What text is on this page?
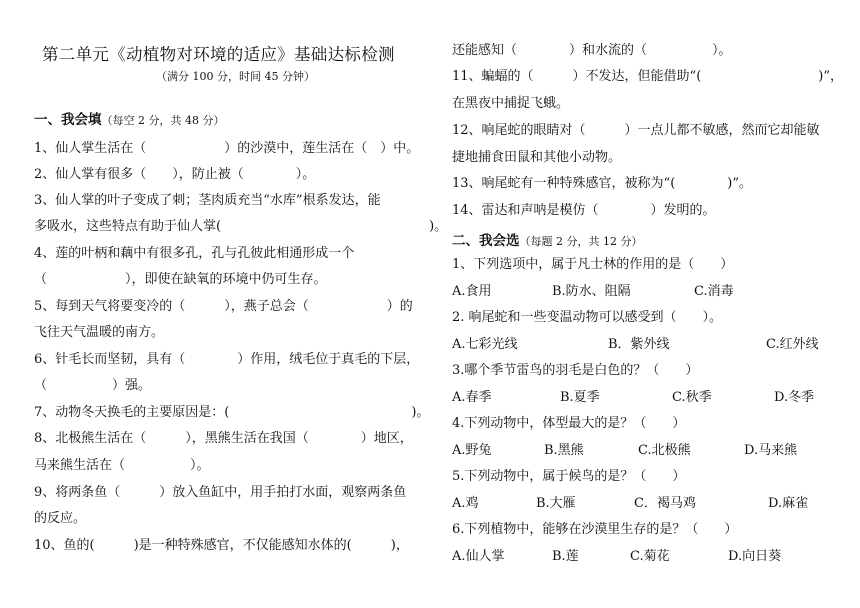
第二单元《动植物对环境的适应》基础达标检测
（满分 100 分，时间 45 分钟）
一、我会填（每空 2 分，共 48 分）
1、仙人掌生活在（　　　　　　）的沙漠中，莲生活在（　）中。
2、仙人掌有很多（　　），防止被（　　　　）。
3、仙人掌的叶子变成了刺；茎肉质充当“水库”根系发达，能
多吸水，这些特点有助于仙人掌(　　　　　　　　　　　　　　　　)。
4、莲的叶柄和藕中有很多孔，孔与孔彼此相通形成一个
（　　　　　　），即使在缺氧的环境中仍可生存。
5、每到天气将要变冷的（　　　），燕子总会（　　　　　　）的
飞往天气温暖的南方。
6、针毛长而坚韧，具有（　　　　）作用，绒毛位于真毛的下层，
（　　　　　）强。
7、动物冬天换毛的主要原因是：(　　　　　　　　　　　　　　)。
8、北极熊生活在（　　　），黑熊生活在我国（　　　　）地区，
马来熊生活在（　　　　　）。
9、将两条鱼（　　　）放入鱼缸中，用手拍打水面，观察两条鱼
的反应。
10、鱼的(　　　)是一种特殊感官，不仅能感知水体的(　　　)，
还能感知（　　　　）和水流的（　　　　　）。
11、蝙蝠的（　　　）不发达，但能借助“(　　　　　　　　　)”，
在黑夜中捕捉飞蛾。
12、响尾蛇的眼睛对（　　　）一点儿都不敏感，然而它却能敏
捷地捕食田鼠和其他小动物。
13、响尾蛇有一种特殊感官，被称为“(　　　　)”。
14、雷达和声呐是模仿（　　　　）发明的。
二、我会选（每题 2 分，共 12 分）
1、下列选项中，属于凡士林的作用的是（　　）
A.食用	B.防水、阻隔	C.消毒
2. 响尾蛇和一些变温动物可以感受到（　　）。
A.七彩光线	B．紫外线	C.红外线
3.哪个季节雷鸟的羽毛是白色的？（　　）
A.春季	B.夏季	C.秋季	D.冬季
4.下列动物中，体型最大的是？（　　）
A.野兔	B.黑熊	C.北极熊	D.马来熊
5.下列动物中，属于候鸟的是？（　　）
A.鸡	B.大雁	C．褐马鸡	D.麻雀
6.下列植物中，能够在沙漠里生存的是？（　　）
A.仙人掌	B.莲	C.菊花	D.向日葵
